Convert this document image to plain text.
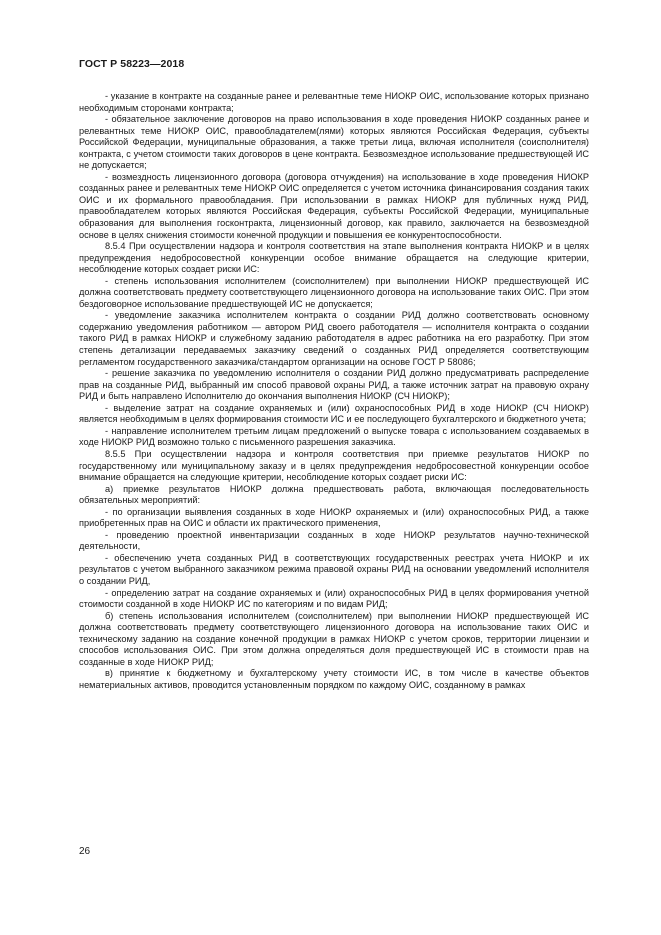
ГОСТ Р 58223—2018

- указание в контракте на созданные ранее и релевантные теме НИОКР ОИС, использование которых признано необходимым сторонами контракта;

- обязательное заключение договоров на право использования в ходе проведения НИОКР созданных ранее и релевантных теме НИОКР ОИС, правообладателем(лями) которых являются Российская Федерация, субъекты Российской Федерации, муниципальные образования, а также третьи лица, включая исполнителя (соисполнителя) контракта, с учетом стоимости таких договоров в цене контракта. Безвозмездное использование предшествующей ИС не допускается;

- возмездность лицензионного договора (договора отчуждения) на использование в ходе проведения НИОКР созданных ранее и релевантных теме НИОКР ОИС определяется с учетом источника финансирования создания таких ОИС и их формального правообладания. При использовании в рамках НИОКР для публичных нужд РИД, правообладателем которых являются Российская Федерация, субъекты Российской Федерации, муниципальные образования для выполнения госконтракта, лицензионный договор, как правило, заключается на безвозмездной основе в целях снижения стоимости конечной продукции и повышения ее конкурентоспособности.

8.5.4 При осуществлении надзора и контроля соответствия на этапе выполнения контракта НИОКР и в целях предупреждения недобросовестной конкуренции особое внимание обращается на следующие критерии, несоблюдение которых создает риски ИС:

- степень использования исполнителем (соисполнителем) при выполнении НИОКР предшествующей ИС должна соответствовать предмету соответствующего лицензионного договора на использование таких ОИС. При этом бездоговорное использование предшествующей ИС не допускается;

- уведомление заказчика исполнителем контракта о создании РИД должно соответствовать основному содержанию уведомления работником — автором РИД своего работодателя — исполнителя контракта о создании такого РИД в рамках НИОКР и служебному заданию работодателя в адрес работника на его разработку. При этом степень детализации передаваемых заказчику сведений о созданных РИД определяется соответствующим регламентом государственного заказчика/стандартом организации на основе ГОСТ Р 58086;

- решение заказчика по уведомлению исполнителя о создании РИД должно предусматривать распределение прав на созданные РИД, выбранный им способ правовой охраны РИД, а также источник затрат на правовую охрану РИД и быть направлено Исполнителю до окончания выполнения НИОКР (СЧ НИОКР);

- выделение затрат на создание охраняемых и (или) охраноспособных РИД в ходе НИОКР (СЧ НИОКР) является необходимым в целях формирования стоимости ИС и ее последующего бухгалтерского и бюджетного учета;

- направление исполнителем третьим лицам предложений о выпуске товара с использованием создаваемых в ходе НИОКР РИД возможно только с письменного разрешения заказчика.

8.5.5 При осуществлении надзора и контроля соответствия при приемке результатов НИОКР по государственному или муниципальному заказу и в целях предупреждения недобросовестной конкуренции особое внимание обращается на следующие критерии, несоблюдение которых создает риски ИС:

а) приемке результатов НИОКР должна предшествовать работа, включающая последовательность обязательных мероприятий:

- по организации выявления созданных в ходе НИОКР охраняемых и (или) охраноспособных РИД, а также приобретенных прав на ОИС и области их практического применения,

- проведению проектной инвентаризации созданных в ходе НИОКР результатов научно-технической деятельности,

- обеспечению учета созданных РИД в соответствующих государственных реестрах учета НИОКР и их результатов с учетом выбранного заказчиком режима правовой охраны РИД на основании уведомлений исполнителя о создании РИД,

- определению затрат на создание охраняемых и (или) охраноспособных РИД в целях формирования учетной стоимости созданной в ходе НИОКР ИС по категориям и по видам РИД;

б) степень использования исполнителем (соисполнителем) при выполнении НИОКР предшествующей ИС должна соответствовать предмету соответствующего лицензионного договора на использование таких ОИС и техническому заданию на создание конечной продукции в рамках НИОКР с учетом сроков, территории лицензии и способов использования ОИС. При этом должна определяться доля предшествующей ИС в стоимости прав на созданные в ходе НИОКР РИД;

в) принятие к бюджетному и бухгалтерскому учету стоимости ИС, в том числе в качестве объектов нематериальных активов, проводится установленным порядком по каждому ОИС, созданному в рамках

26
